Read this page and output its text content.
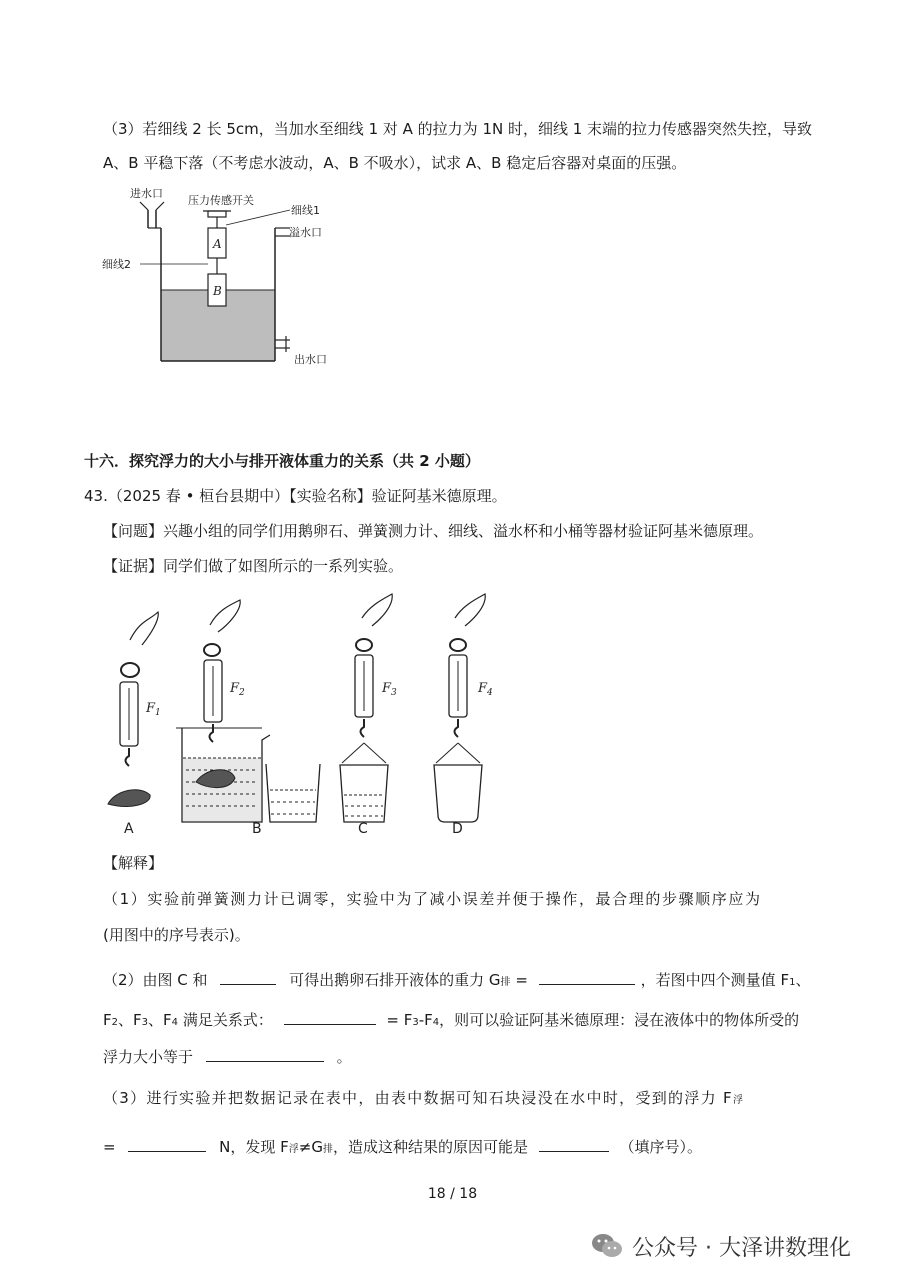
（3）若细线 2 长 5cm，当加水至细线 1 对 A 的拉力为 1N 时，细线 1 末端的拉力传感器突然失控，导致
A、B 平稳下落（不考虑水波动，A、B 不吸水），试求 A、B 稳定后容器对桌面的压强。
A
B
进水口
压力传感开关
细线1
溢水口
细线2
出水口
十六．探究浮力的大小与排开液体重力的关系（共 2 小题）
43.（2025 春 • 桓台县期中）【实验名称】验证阿基米德原理。
【问题】兴趣小组的同学们用鹅卵石、弹簧测力计、细线、溢水杯和小桶等器材验证阿基米德原理。
【证据】同学们做了如图所示的一系列实验。
A
F 1
B
F 2
C
F 3
D
F 4
【解释】
（1）实验前弹簧测力计已调零，实验中为了减小误差并便于操作，最合理的步骤顺序应为
(用图中的序号表示)。
（2）由图 C 和	可得出鹅卵石排开液体的重力 G排 =	，若图中四个测量值 F1、
F2、F3、F4 满足关系式：	= F3-F4，则可以验证阿基米德原理：浸在液体中的物体所受的
浮力大小等于	。
（3）进行实验并把数据记录在表中，由表中数据可知石块浸没在水中时，受到的浮力 F浮
=	N，发现 F浮≠G排，造成这种结果的原因可能是	（填序号）。
18 / 18
公众号 · 大泽讲数理化
